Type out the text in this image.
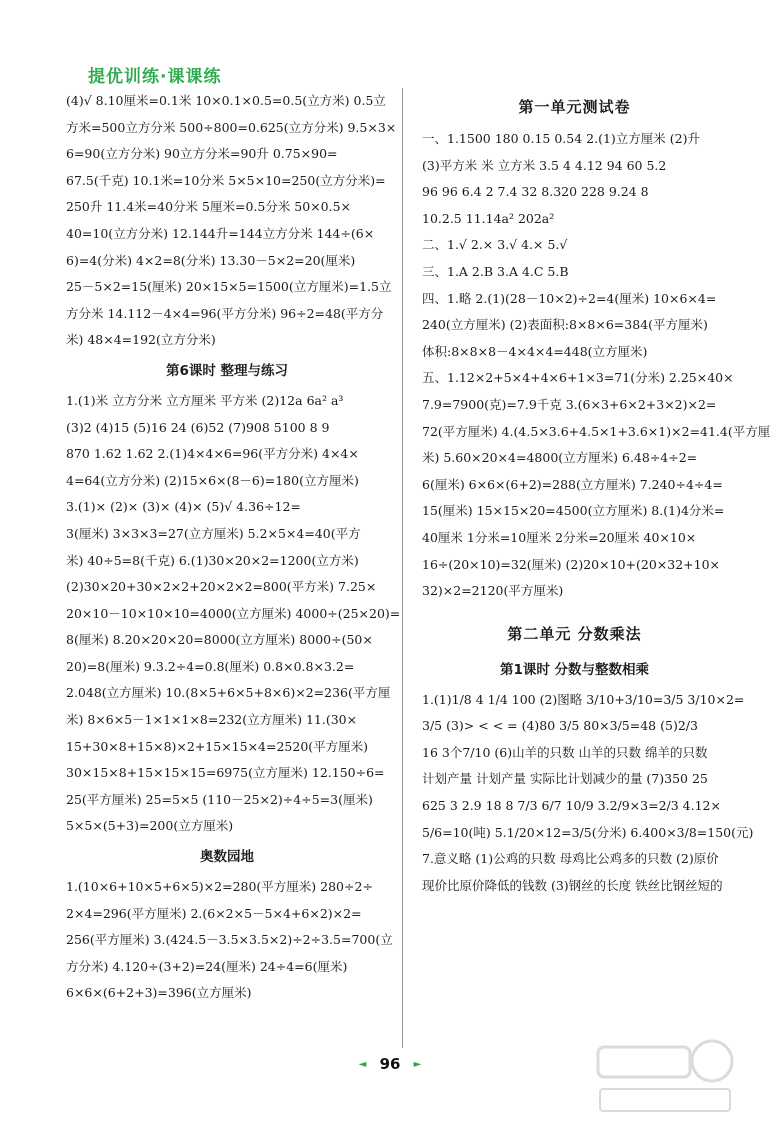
提优训练·课课练
(4)√ 8.10厘米=0.1米 10×0.1×0.5=0.5(立方米) 0.5立
方米=500立方分米 500÷800=0.625(立方分米) 9.5×3×
6=90(立方分米) 90立方分米=90升 0.75×90=
67.5(千克) 10.1米=10分米 5×5×10=250(立方分米)=
250升 11.4米=40分米 5厘米=0.5分米 50×0.5×
40=10(立方分米) 12.144升=144立方分米 144÷(6×
6)=4(分米) 4×2=8(分米) 13.30－5×2=20(厘米)
25－5×2=15(厘米) 20×15×5=1500(立方厘米)=1.5立
方分米 14.112－4×4=96(平方分米) 96÷2=48(平方分
米) 48×4=192(立方分米)
第6课时 整理与练习
1.(1)米 立方分米 立方厘米 平方米 (2)12a 6a² a³
(3)2 (4)15 (5)16 24 (6)52 (7)908 5100 8 9
870 1.62 1.62 2.(1)4×4×6=96(平方分米) 4×4×
4=64(立方分米) (2)15×6×(8－6)=180(立方厘米)
3.(1)× (2)× (3)× (4)× (5)√ 4.36÷12=
3(厘米) 3×3×3=27(立方厘米) 5.2×5×4=40(平方
米) 40÷5=8(千克) 6.(1)30×20×2=1200(立方米)
(2)30×20+30×2×2+20×2×2=800(平方米) 7.25×
20×10－10×10×10=4000(立方厘米) 4000÷(25×20)=
8(厘米) 8.20×20×20=8000(立方厘米) 8000÷(50×
20)=8(厘米) 9.3.2÷4=0.8(厘米) 0.8×0.8×3.2=
2.048(立方厘米) 10.(8×5+6×5+8×6)×2=236(平方厘
米) 8×6×5－1×1×1×8=232(立方厘米) 11.(30×
15+30×8+15×8)×2+15×15×4=2520(平方厘米)
30×15×8+15×15×15=6975(立方厘米) 12.150÷6=
25(平方厘米) 25=5×5 (110－25×2)÷4÷5=3(厘米)
5×5×(5+3)=200(立方厘米)
奥数园地
1.(10×6+10×5+6×5)×2=280(平方厘米) 280÷2÷
2×4=296(平方厘米) 2.(6×2×5－5×4+6×2)×2=
256(平方厘米) 3.(424.5－3.5×3.5×2)÷2÷3.5=700(立
方分米) 4.120÷(3+2)=24(厘米) 24÷4=6(厘米)
6×6×(6+2+3)=396(立方厘米)
第一单元测试卷
一、1.1500 180 0.15 0.54 2.(1)立方厘米 (2)升
(3)平方米 米 立方米 3.5 4 4.12 94 60 5.2
96 96 6.4 2 7.4 32 8.320 228 9.24 8
10.2.5 11.14a² 202a²
二、1.√ 2.× 3.√ 4.× 5.√
三、1.A 2.B 3.A 4.C 5.B
四、1.略 2.(1)(28－10×2)÷2=4(厘米) 10×6×4=
240(立方厘米) (2)表面积:8×8×6=384(平方厘米)
体积:8×8×8－4×4×4=448(立方厘米)
五、1.12×2+5×4+4×6+1×3=71(分米) 2.25×40×
7.9=7900(克)=7.9千克 3.(6×3+6×2+3×2)×2=
72(平方厘米) 4.(4.5×3.6+4.5×1+3.6×1)×2=41.4(平方厘
米) 5.60×20×4=4800(立方厘米) 6.48÷4÷2=
6(厘米) 6×6×(6+2)=288(立方厘米) 7.240÷4÷4=
15(厘米) 15×15×20=4500(立方厘米) 8.(1)4分米=
40厘米 1分米=10厘米 2分米=20厘米 40×10×
16÷(20×10)=32(厘米) (2)20×10+(20×32+10×
32)×2=2120(平方厘米)
第二单元 分数乘法
第1课时 分数与整数相乘
1.(1)1/8 4 1/4 100 (2)图略 3/10+3/10=3/5 3/10×2=
3/5 (3)> < < = (4)80 3/5 80×3/5=48 (5)2/3
16 3个7/10 (6)山羊的只数 山羊的只数 绵羊的只数
计划产量 计划产量 实际比计划减少的量 (7)350 25
625 3 2.9 18 8 7/3 6/7 10/9 3.2/9×3=2/3 4.12×
5/6=10(吨) 5.1/20×12=3/5(分米) 6.400×3/8=150(元)
7.意义略 (1)公鸡的只数 母鸡比公鸡多的只数 (2)原价
现价比原价降低的钱数 (3)钢丝的长度 铁丝比钢丝短的
◄ 96 ►
